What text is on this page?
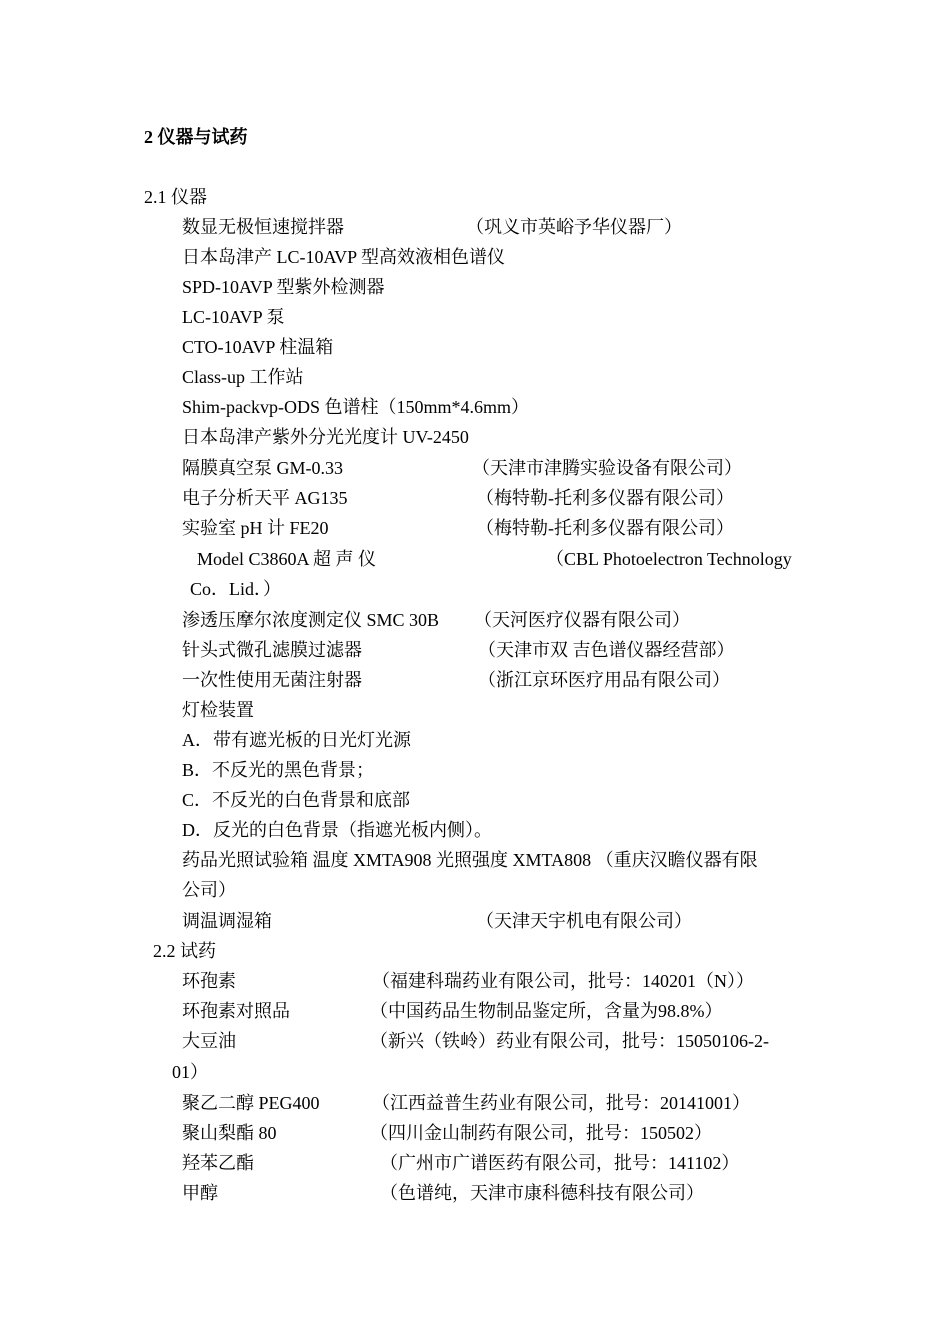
2 仪器与试药
2.1 仪器
数显无极恒速搅拌器	（巩义市英峪予华仪器厂）
日本岛津产 LC-10AVP 型高效液相色谱仪
SPD-10AVP 型紫外检测器
LC-10AVP 泵
CTO-10AVP 柱温箱
Class-up 工作站
Shim-packvp-ODS 色谱柱（150mm*4.6mm）
日本岛津产紫外分光光度计 UV-2450
隔膜真空泵 GM-0.33	（天津市津腾实验设备有限公司）
电子分析天平 AG135	（梅特勒-托利多仪器有限公司）
实验室 pH 计 FE20	（梅特勒-托利多仪器有限公司）
Model C3860A 超 声 仪	（CBL Photoelectron Technology
Co．Lid．）
渗透压摩尔浓度测定仪 SMC 30B （天河医疗仪器有限公司）
针头式微孔滤膜过滤器	（天津市双 吉色谱仪器经营部）
一次性使用无菌注射器	（浙江京环医疗用品有限公司）
灯检装置
A．带有遮光板的日光灯光源
B．不反光的黑色背景；
C．不反光的白色背景和底部
D．反光的白色背景（指遮光板内侧）。
药品光照试验箱 温度 XMTA908 光照强度 XMTA808 （重庆汉瞻仪器有限
公司）
调温调湿箱	（天津天宇机电有限公司）
2.2 试药
环孢素	（福建科瑞药业有限公司，批号：140201（N））
环孢素对照品	（中国药品生物制品鉴定所，含量为98.8%）
大豆油	（新兴（铁岭）药业有限公司，批号：15050106-2-
01）
聚乙二醇 PEG400	（江西益普生药业有限公司，批号：20141001）
聚山梨酯 80	（四川金山制药有限公司，批号：150502）
羟苯乙酯	（广州市广谱医药有限公司，批号：141102）
甲醇	（色谱纯，天津市康科德科技有限公司）
